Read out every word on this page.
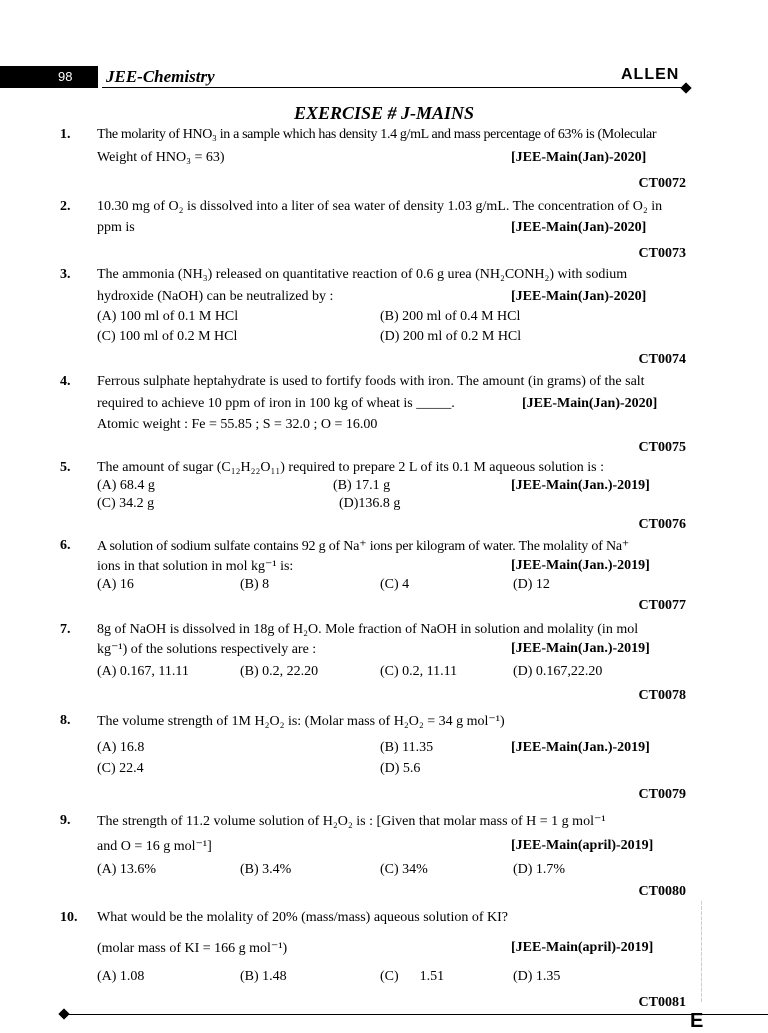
98 JEE-Chemistry	ALLEN
EXERCISE # J-MAINS
1. The molarity of HNO₃ in a sample which has density 1.4 g/mL and mass percentage of 63% is (Molecular
Weight of HNO₃ = 63)	[JEE-Main(Jan)-2020]
CT0072
2. 10.30 mg of O₂ is dissolved into a liter of sea water of density 1.03 g/mL. The concentration of O₂ in
ppm is	[JEE-Main(Jan)-2020]
CT0073
3. The ammonia (NH₃) released on quantitative reaction of 0.6 g urea (NH₂CONH₂) with sodium
hydroxide (NaOH) can be neutralized by :	[JEE-Main(Jan)-2020]
(A) 100 ml of 0.1 M HCl	(B) 200 ml of 0.4 M HCl
(C) 100 ml of 0.2 M HCl	(D) 200 ml of 0.2 M HCl
CT0074
4. Ferrous sulphate heptahydrate is used to fortify foods with iron. The amount (in grams) of the salt
required to achieve 10 ppm of iron in 100 kg of wheat is _____.	[JEE-Main(Jan)-2020]
Atomic weight : Fe = 55.85 ; S = 32.0 ; O = 16.00
CT0075
5. The amount of sugar (C₁₂H₂₂O₁₁) required to prepare 2 L of its 0.1 M aqueous solution is :
(A) 68.4 g	(B) 17.1 g	[JEE-Main(Jan.)-2019]
(C) 34.2 g	(D)136.8 g
CT0076
6. A solution of sodium sulfate contains 92 g of Na⁺ ions per kilogram of water. The molality of Na⁺
ions in that solution in mol kg⁻¹ is:	[JEE-Main(Jan.)-2019]
(A) 16	(B) 8	(C) 4	(D) 12
CT0077
7. 8g of NaOH is dissolved in 18g of H₂O. Mole fraction of NaOH in solution and molality (in mol
kg⁻¹) of the solutions respectively are :	[JEE-Main(Jan.)-2019]
(A) 0.167, 11.11	(B) 0.2, 22.20	(C) 0.2, 11.11	(D) 0.167,22.20
CT0078
8. The volume strength of 1M H₂O₂ is: (Molar mass of H₂O₂ = 34 g mol⁻¹)
(A) 16.8	(B) 11.35	[JEE-Main(Jan.)-2019]
(C) 22.4	(D) 5.6
CT0079
9. The strength of 11.2 volume solution of H₂O₂ is : [Given that molar mass of H = 1 g mol⁻¹
and O = 16 g mol⁻¹]	[JEE-Main(april)-2019]
(A) 13.6%	(B) 3.4%	(C) 34%	(D) 1.7%
CT0080
10. What would be the molality of 20% (mass/mass) aqueous solution of KI?
(molar mass of KI = 166 g mol⁻¹)	[JEE-Main(april)-2019]
(A) 1.08	(B) 1.48	(C)      1.51	(D) 1.35
CT0081
— — — — — — — — — — — — — — — — — — — —
E
